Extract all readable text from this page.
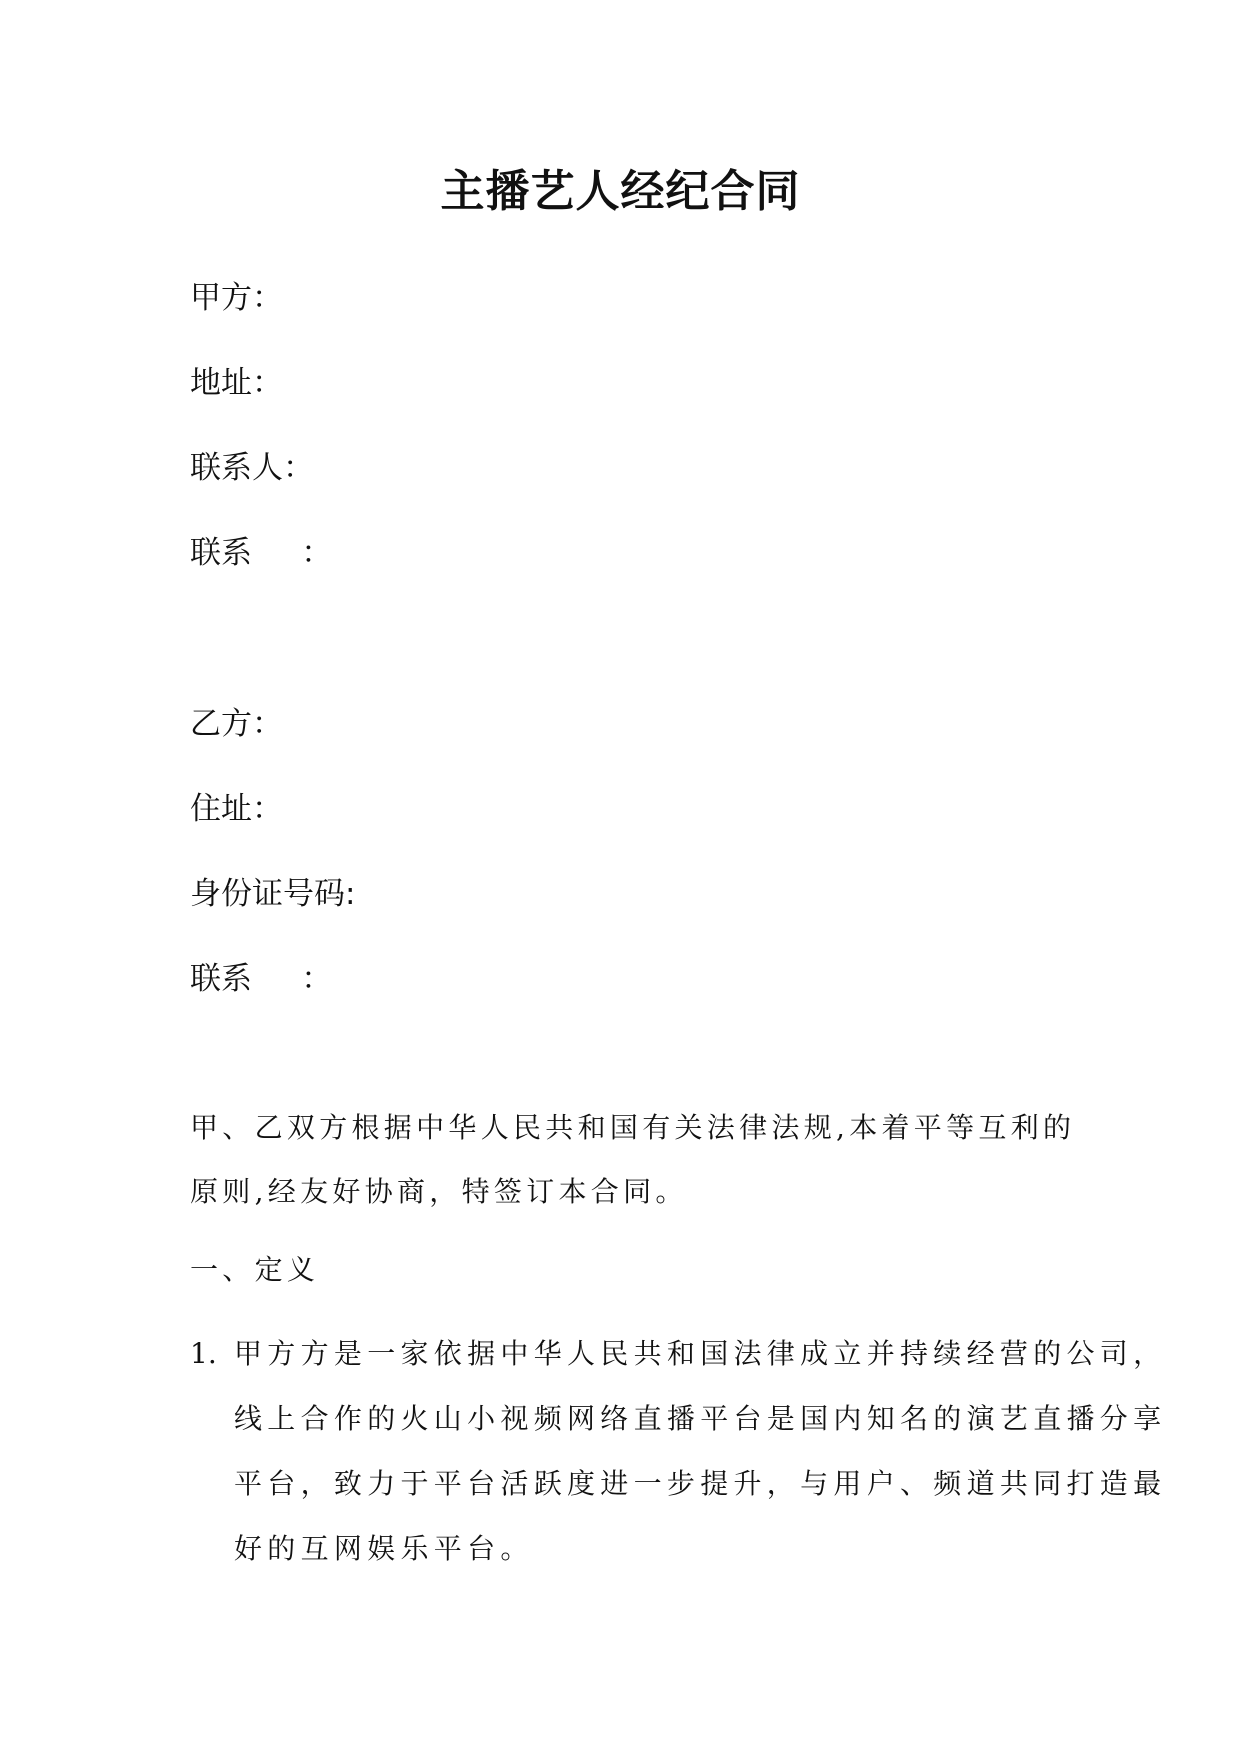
主播艺人经纪合同
甲方：
地址：
联系人：
联系     ：
乙方：
住址：
身份证号码:
联系     ：
甲、乙双方根据中华人民共和国有关法律法规,本着平等互利的
原则,经友好协商，特签订本合同。
一、定义
1. 甲方方是一家依据中华人民共和国法律成立并持续经营的公司，
线上合作的火山小视频网络直播平台是国内知名的演艺直播分享
平台，致力于平台活跃度进一步提升，与用户、频道共同打造最
好的互网娱乐平台。
